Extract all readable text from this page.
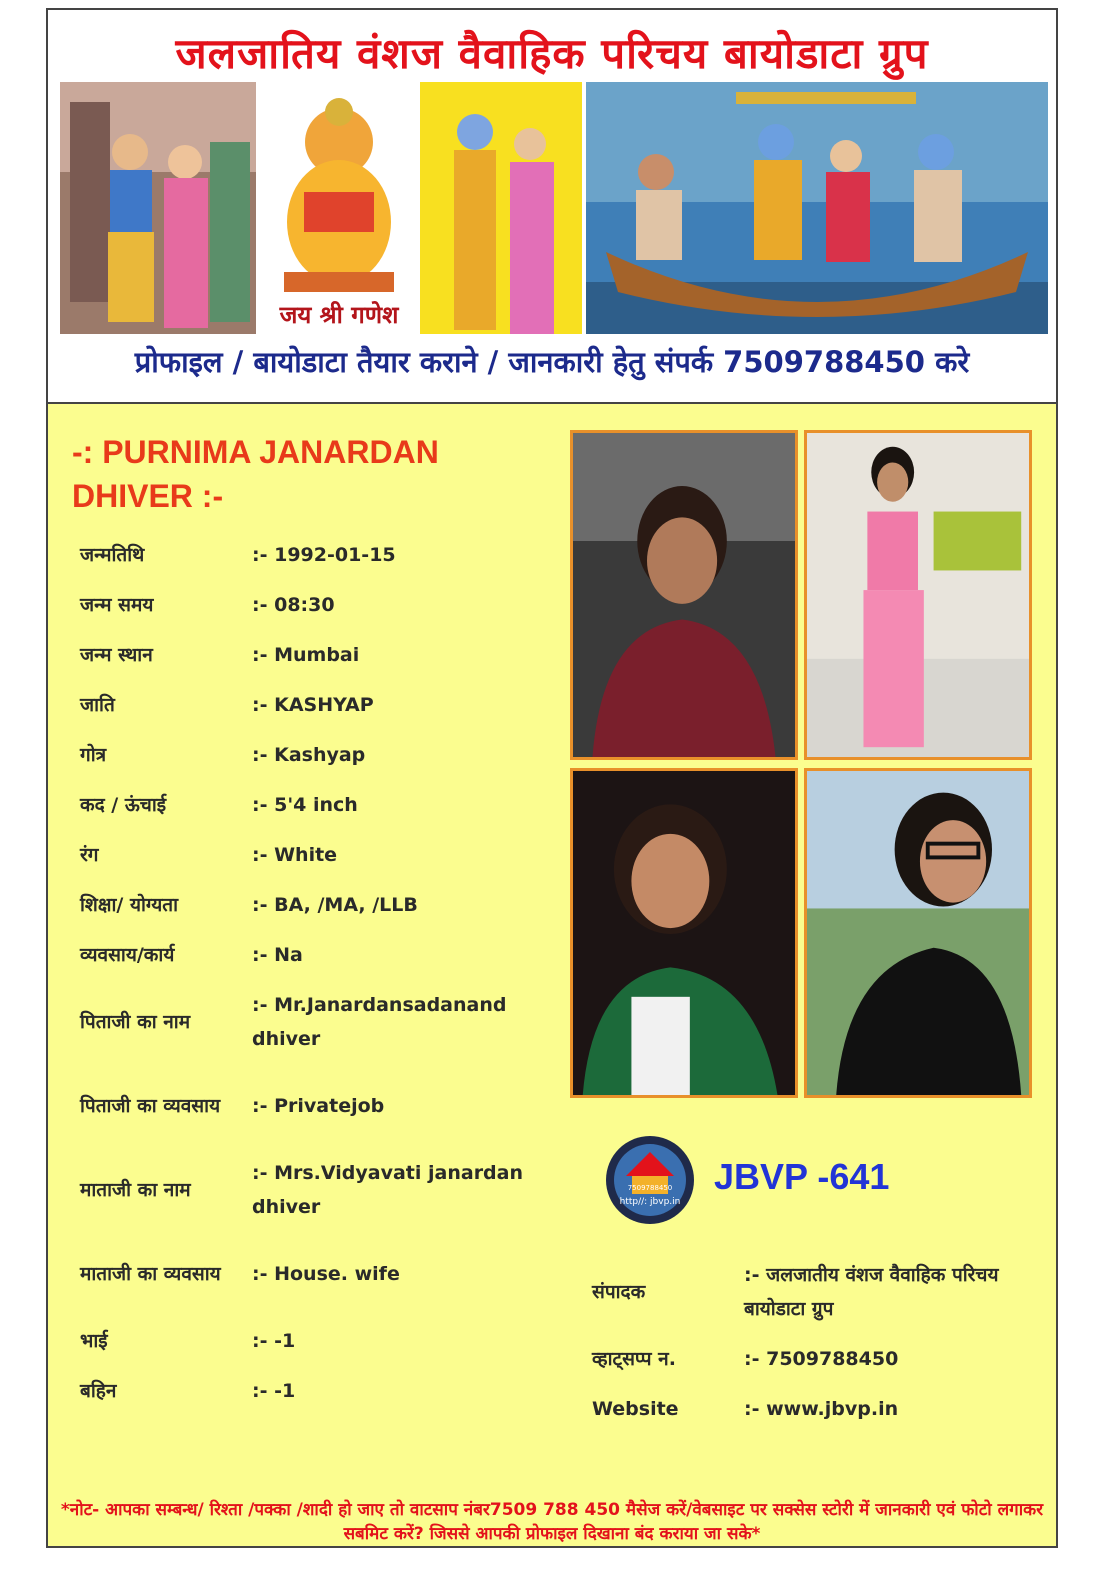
जलजातिय वंशज वैवाहिक परिचय बायोडाटा ग्रुप
जय श्री गणेश
प्रोफाइल / बायोडाटा तैयार कराने / जानकारी हेतु संपर्क 7509788450 करे
-: PURNIMA JANARDAN DHIVER :-
जन्मतिथि	:- 1992-01-15
जन्म समय	:- 08:30
जन्म स्थान	:- Mumbai
जाति	:- KASHYAP
गोत्र	:- Kashyap
कद / ऊंचाई	:- 5'4 inch
रंग	:- White
शिक्षा/ योग्यता	:- BA, /MA, /LLB
व्यवसाय/कार्य	:- Na
पिताजी का नाम
:- Mr.Janardansadanand dhiver
पिताजी का व्यवसाय	:- Privatejob
माताजी का नाम
:- Mrs.Vidyavati janardan dhiver
माताजी का व्यवसाय	:- House. wife
भाई	:- -1
बहिन	:- -1
7509788450
http//: jbvp.in
JBVP -641
संपादक
:- जलजातीय वंशज वैवाहिक परिचय बायोडाटा ग्रुप
व्हाट्सप्प न.	:- 7509788450
Website	:- www.jbvp.in
*नोट- आपका सम्बन्ध/ रिश्ता /पक्का /शादी हो जाए तो वाटसाप नंबर7509 788 450 मैसेज करें/वेबसाइट पर सक्सेस स्टोरी में जानकारी एवं फोटो लगाकर सबमिट करें? जिससे आपकी प्रोफाइल दिखाना बंद कराया जा सके*
